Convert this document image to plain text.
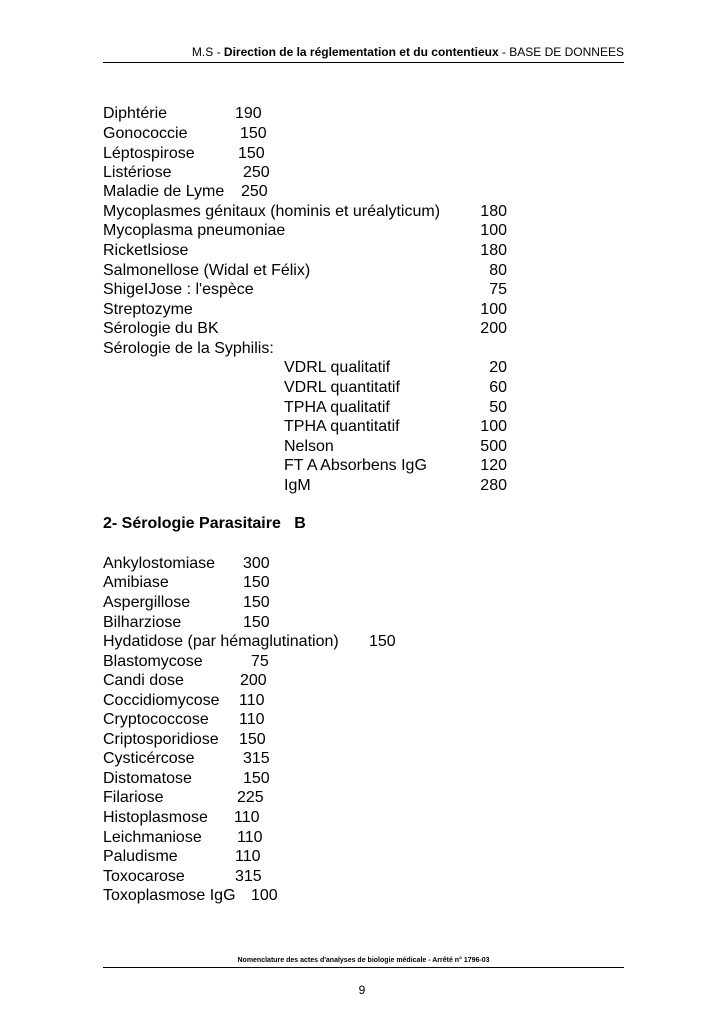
M.S - Direction de la réglementation et du contentieux - BASE DE DONNEES
Diphtérie	190
Gonococcie	150
Léptospirose	150
Listériose	250
Maladie de Lyme 250
Mycoplasmes génitaux (hominis et uréalyticum)	180
Mycoplasma pneumoniae	100
Ricketlsiose	180
Salmonellose (Widal et Félix)	80
ShigeIJose : l'espèce	75
Streptozyme	100
Sérologie du BK	200
Sérologie de la Syphilis:
VDRL qualitatif	20
VDRL quantitatif	60
TPHA qualitatif	50
TPHA quantitatif	100
Nelson	500
FT A Absorbens IgG	120
IgM	280
2- Sérologie Parasitaire   B
Ankylostomiase 300
Amibiase	150
Aspergillose	150
Bilharziose	150
Hydatidose (par hémaglutination) 150
Blastomycose	75
Candi dose	200
Coccidiomycose 110
Cryptococcose 110
Criptosporidiose 150
Cysticércose	315
Distomatose	150
Filariose	225
Histoplasmose 110
Leichmaniose 110
Paludisme	110
Toxocarose	315
Toxoplasmose IgG 100
Nomenclature des actes d'analyses de biologie médicale - Arrêté n° 1796-03
9
